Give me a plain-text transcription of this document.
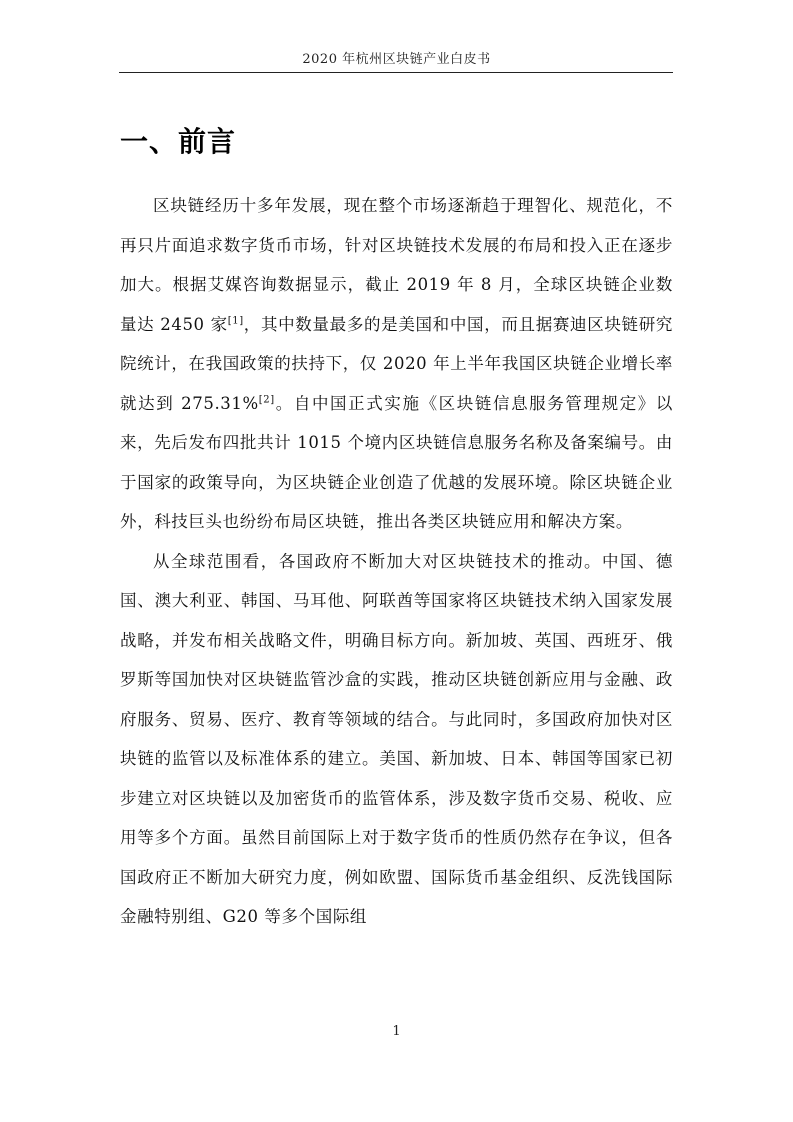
2020 年杭州区块链产业白皮书
一、前言

区块链经历十多年发展，现在整个市场逐渐趋于理智化、规范化，不再只片面追求数字货币市场，针对区块链技术发展的布局和投入正在逐步加大。根据艾媒咨询数据显示，截止 2019 年 8 月，全球区块链企业数量达 2450 家[1]，其中数量最多的是美国和中国，而且据赛迪区块链研究院统计，在我国政策的扶持下，仅 2020 年上半年我国区块链企业增长率就达到 275.31%[2]。自中国正式实施《区块链信息服务管理规定》以来，先后发布四批共计 1015 个境内区块链信息服务名称及备案编号。由于国家的政策导向，为区块链企业创造了优越的发展环境。除区块链企业外，科技巨头也纷纷布局区块链，推出各类区块链应用和解决方案。

从全球范围看，各国政府不断加大对区块链技术的推动。中国、德国、澳大利亚、韩国、马耳他、阿联酋等国家将区块链技术纳入国家发展战略，并发布相关战略文件，明确目标方向。新加坡、英国、西班牙、俄罗斯等国加快对区块链监管沙盒的实践，推动区块链创新应用与金融、政府服务、贸易、医疗、教育等领域的结合。与此同时，多国政府加快对区块链的监管以及标准体系的建立。美国、新加坡、日本、韩国等国家已初步建立对区块链以及加密货币的监管体系，涉及数字货币交易、税收、应用等多个方面。虽然目前国际上对于数字货币的性质仍然存在争议，但各国政府正不断加大研究力度，例如欧盟、国际货币基金组织、反洗钱国际金融特别组、G20 等多个国际组

1
